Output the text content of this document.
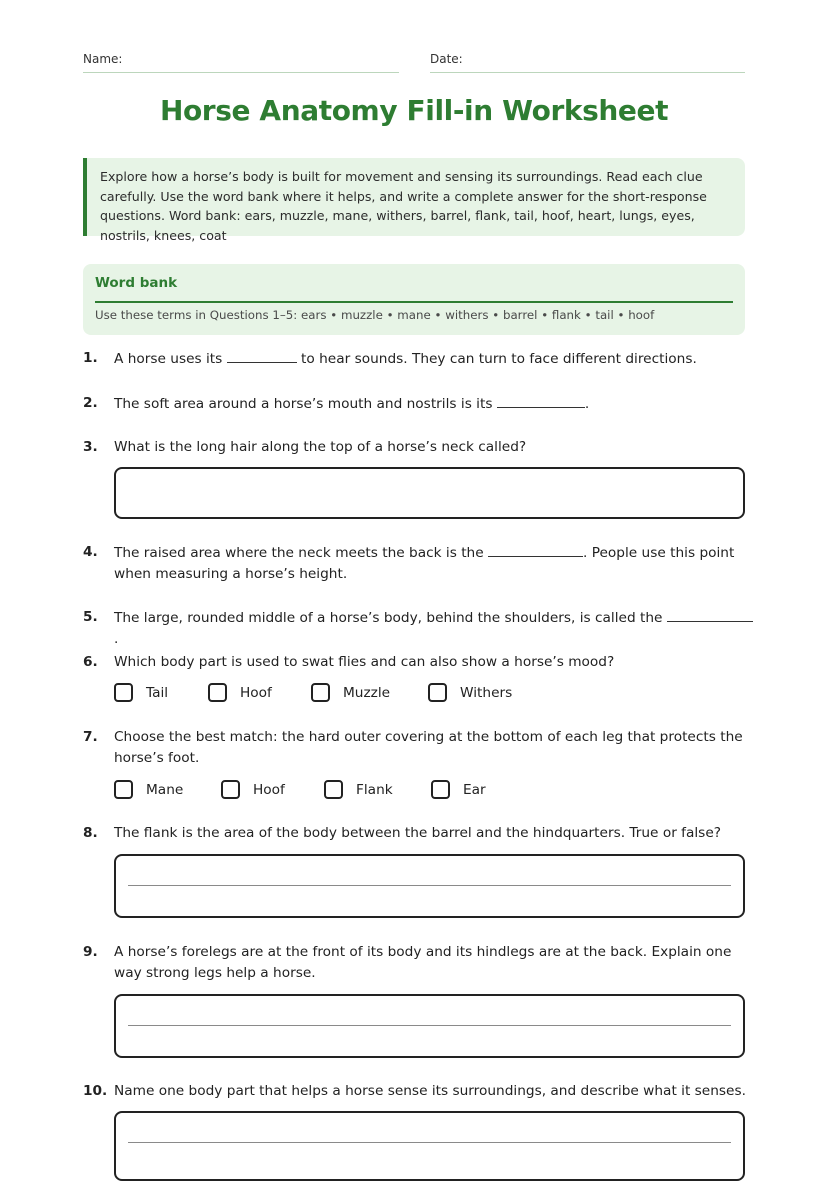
Name:	Date:
Horse Anatomy Fill-in Worksheet
Explore how a horse’s body is built for movement and sensing its surroundings. Read each clue carefully. Use the word bank where it helps, and write a complete answer for the short-response questions. Word bank: ears, muzzle, mane, withers, barrel, flank, tail, hoof, heart, lungs, eyes, nostrils, knees, coat
Word bank
Use these terms in Questions 1–5: ears • muzzle • mane • withers • barrel • flank • tail • hoof
1. A horse uses its	to hear sounds. They can turn to face different directions.
2. The soft area around a horse’s mouth and nostrils is its	.
3. What is the long hair along the top of a horse’s neck called?
4. The raised area where the neck meets the back is the	. People use this point when measuring a horse’s height.
5. The large, rounded middle of a horse’s body, behind the shoulders, is called the .
6. Which body part is used to swat flies and can also show a horse’s mood?
Tail	Hoof	Muzzle	Withers
7. Choose the best match: the hard outer covering at the bottom of each leg that protects the horse’s foot.
Mane	Hoof	Flank	Ear
8. The flank is the area of the body between the barrel and the hindquarters. True or false?
9. A horse’s forelegs are at the front of its body and its hindlegs are at the back. Explain one way strong legs help a horse.
10. Name one body part that helps a horse sense its surroundings, and describe what it senses.
